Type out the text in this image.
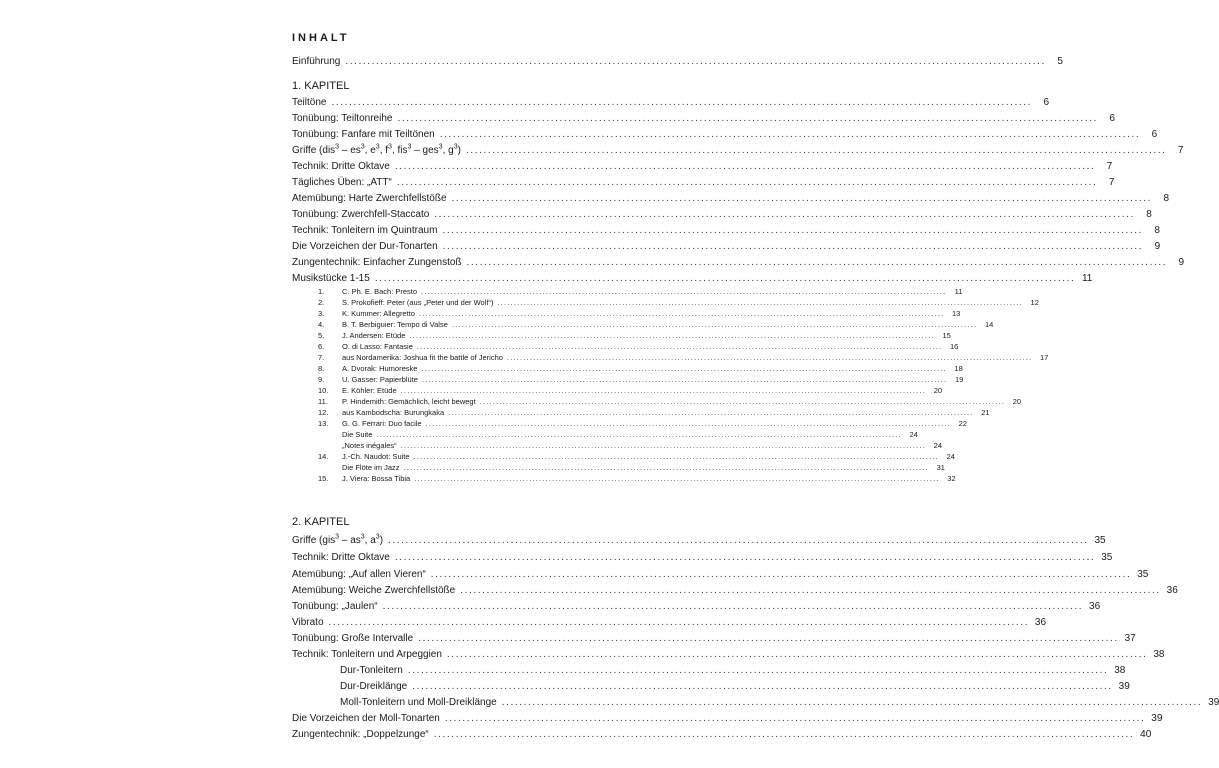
INHALT
Einführung ................................................................................................................................................................	5
1. KAPITEL
Teiltöne ................................................................................................................................................................	6
Tonübung: Teiltonreihe ................................................................................................................................................................	6
Tonübung: Fanfare mit Teiltönen ................................................................................................................................................................	6
Griffe ($dis^3 - es^3$, $e^3$, $f^3$, fis$^3$ – ges$^3$, $g^3$) ................................................................................................................................................................	7
Technik: Dritte Oktave ................................................................................................................................................................	7
Tägliches Üben: „ATT“ ................................................................................................................................................................	7
Atemübung: Harte Zwerchfellstöße ................................................................................................................................................................	8
Tonübung: Zwerchfell-Staccato ................................................................................................................................................................	8
Technik: Tonleitern im Quintraum ................................................................................................................................................................	8
Die Vorzeichen der Dur-Tonarten ................................................................................................................................................................	9
Zungentechnik: Einfacher Zungenstoß ................................................................................................................................................................	9
Musikstücke 1-15 ................................................................................................................................................................ 11
1.	C. Ph. E. Bach: Presto ................................................................................................................................................................	11
2.	S. Prokofieff: Peter (aus „Peter und der Wolf“) ................................................................................................................................................................	12
3.	K. Kummer: Allegretto ................................................................................................................................................................	13
4.	B. T. Berbiguier: Tempo di Valse ................................................................................................................................................................	14
5.	J. Andersen: Etüde ................................................................................................................................................................	15
6.	O. di Lasso: Fantasie ................................................................................................................................................................	16
7.	aus Nordamerika: Joshua fit the battle of Jericho ................................................................................................................................................................	17
8.	A. Dvorak: Humoreske ................................................................................................................................................................	18
9.	U. Gasser: Papierblüte ................................................................................................................................................................	19
10.	E. Köhler: Etüde ................................................................................................................................................................	20
11.	P. Hindemith: Gemächlich, leicht bewegt ................................................................................................................................................................	20
12.	aus Kambodscha: Burungkaka ................................................................................................................................................................	21
13.	G. G. Ferrari: Duo facile ................................................................................................................................................................	22
Die Suite ................................................................................................................................................................	24
„Notes inégales“ ................................................................................................................................................................	24
14.	J.-Ch. Naudot: Suite ................................................................................................................................................................	24
Die Flöte im Jazz ................................................................................................................................................................	31
15.	J. Viera: Bossa Tibia ................................................................................................................................................................	32
2. KAPITEL
Griffe ($gis^3 - as^3$, $a^3$) ................................................................................................................................................................ 35
Technik: Dritte Oktave ................................................................................................................................................................ 35
Atemübung: „Auf allen Vieren“ ................................................................................................................................................................ 35
Atemübung: Weiche Zwerchfellstöße ................................................................................................................................................................ 36
Tonübung: „Jaulen“ ................................................................................................................................................................ 36
Vibrato ................................................................................................................................................................ 36
Tonübung: Große Intervalle ................................................................................................................................................................ 37
Technik: Tonleitern und Arpeggien ................................................................................................................................................................ 38
Dur-Tonleitern ................................................................................................................................................................ 38
Dur-Dreiklänge ................................................................................................................................................................ 39
Moll-Tonleitern und Moll-Dreiklänge ................................................................................................................................................................ 39
Die Vorzeichen der Moll-Tonarten ................................................................................................................................................................ 39
Zungentechnik: „Doppelzunge“ ................................................................................................................................................................ 40
